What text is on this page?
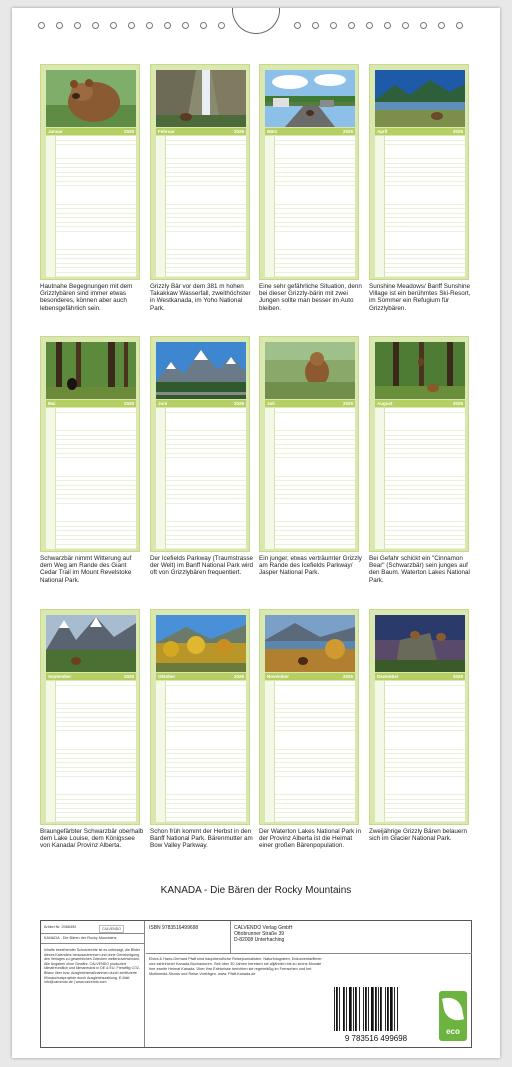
Januar	2026
Hautnahe Begegnungen mit dem Grizzlybären sind immer etwas besonderes, können aber auch lebensgefährlich sein.
Februar	2026
Grizzly Bär vor dem 381 m hohen Takakkaw Wasserfall, zweithöchster in Westkanada, im Yoho National Park.
März	2026
Eine sehr gefährliche Situation, denn bei dieser Grizzly-bärin mit zwei Jungen sollte man besser im Auto bleiben.
April	2026
Sunshine Meadows/ Banff Sunshine Village ist ein berühmtes Ski-Resort, im Sommer ein Refugium für Grizzlybären.
Mai	2026
Schwarzbär nimmt Witterung auf dem Weg am Rande des Giant Cedar Trail im Mount Revelstoke National Park.
Juni	2026
Der Icefields Parkway (Traumstrasse der Welt) im Banff National Park wird oft von Grizzlybären frequentiert.
Juli	2026
Ein junger, etwas verträumter Grizzly am Rande des Icefields Parkway/ Jasper National Park.
August	2026
Bei Gefahr schickt ein "Cinnamon Bear" (Schwarzbär) sein junges auf den Baum. Waterton Lakes National Park.
September	2026
Braungefärbter Schwarzbär oberhalb dem Lake Louise, dem Königssee von Kanada/ Provinz Alberta.
Oktober	2026
Schon früh kommt der Herbst in den Banff National Park. Bärenmutter am Bow Valley Parkway.
November	2026
Der Waterton Lakes National Park in der Provinz Alberta ist die Heimat einer großen Bärenpopulation.
Dezember	2026
Zweijährige Grizzly Bären belauern sich im Glacier National Park.
KANADA - Die Bären der Rocky Mountains
Artikel Nr. 2066492	CALVENDO
KANADA - Die Bären der Rocky Mountains
Inhalte bestehender Schutzrechte ist es untersagt, die Bilder dieses Kalenders herauszutrennen und ohne Genehmigung des Verlages zu gewerblichen Zwecken weiterzuverwenden. Alle Angaben ohne Gewähr. CALVENDO produziert klimafreundlich und klimaneutral in DE & EU. Freiwillig CO2-Bilanz über bzw. Ausgleichsmaßnahmen durch zertifizierte Klimaschutzprojekte durch Ausgleichszahlung. E-Mail: info@calvendo.de | www.calvendo.com
ISBN 9783516499698	CALVENDO Verlag GmbH
Ottobrunner Straße 39
D-82008 Unterhaching
Elvira & Hans-Gerhard Pfaff sind hauptberufliche Reisejournalisten, Naturfotografen, Dokumentarfilmer und zahlreicher Kanada-Buchautoren. Seit über 30 Jahren bereisen sie alljährlich bis zu sechs Monate ihre zweite Heimat Kanada. Über ihre Erlebnisse berichten sie regelmäßig im Fernsehen und bei Multimedia-Shows und Reise-Vorträgen. www. Pfaff-Kanada.de
9 783516 499698
eco
